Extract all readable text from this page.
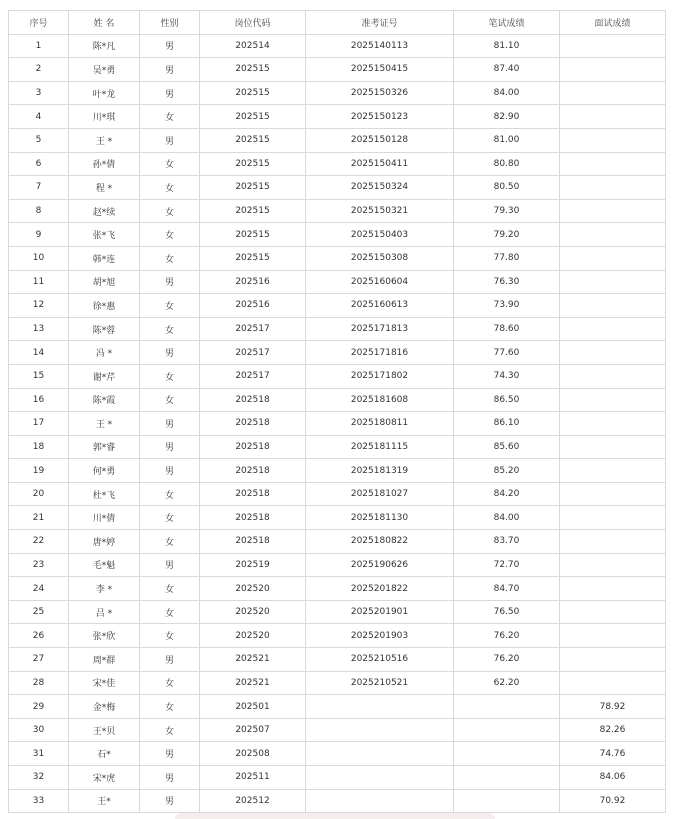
序号	姓 名	性别	岗位代码	准考证号	笔试成绩	面试成绩
1	陈*凡	男	202514	2025140113	81.10	
2	吴*勇	男	202515	2025150415	87.40	
3	叶*龙	男	202515	2025150326	84.00	
4	川*琪	女	202515	2025150123	82.90	
5	王 *	男	202515	2025150128	81.00	
6	孙*倩	女	202515	2025150411	80.80	
7	程 *	女	202515	2025150324	80.50	
8	赵*续	女	202515	2025150321	79.30	
9	张*飞	女	202515	2025150403	79.20	
10	韩*连	女	202515	2025150308	77.80	
11	胡*旭	男	202516	2025160604	76.30	
12	徐*惠	女	202516	2025160613	73.90	
13	陈*蓉	女	202517	2025171813	78.60	
14	冯 *	男	202517	2025171816	77.60	
15	谢*芹	女	202517	2025171802	74.30	
16	陈*霞	女	202518	2025181608	86.50	
17	王 *	男	202518	2025180811	86.10	
18	郭*睿	男	202518	2025181115	85.60	
19	何*勇	男	202518	2025181319	85.20	
20	杜*飞	女	202518	2025181027	84.20	
21	川*倩	女	202518	2025181130	84.00	
22	唐*婷	女	202518	2025180822	83.70	
23	毛*魁	男	202519	2025190626	72.70	
24	李 *	女	202520	2025201822	84.70	
25	吕 *	女	202520	2025201901	76.50	
26	张*欣	女	202520	2025201903	76.20	
27	周*群	男	202521	2025210516	76.20	
28	宋*佳	女	202521	2025210521	62.20	
29	金*梅	女	202501			78.92
30	王*贝	女	202507			82.26
31	石*	男	202508			74.76
32	宋*虎	男	202511			84.06
33	王*	男	202512			70.92
